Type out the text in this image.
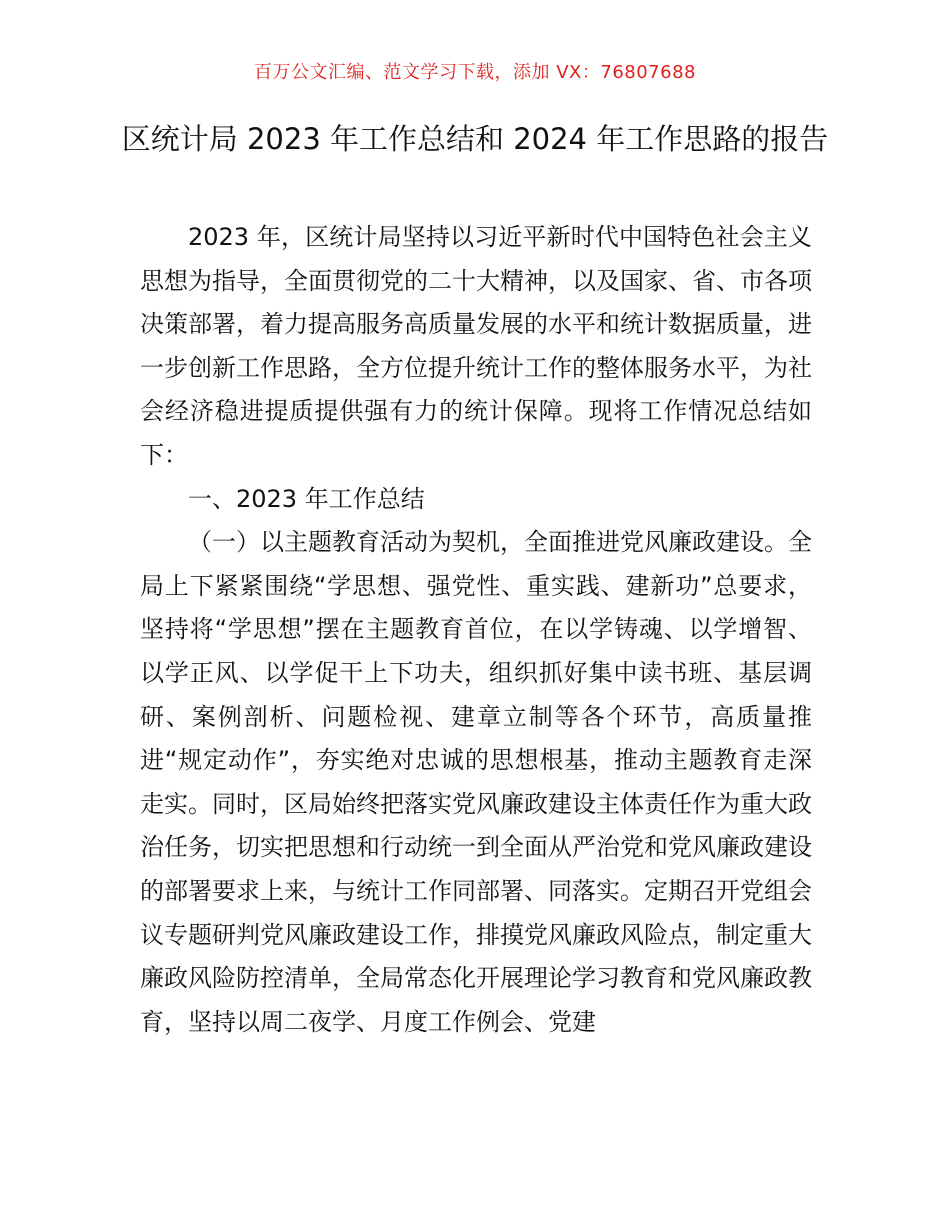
百万公文汇编、范文学习下载，添加 VX：76807688
区统计局 2023 年工作总结和 2024 年工作思路的报告

2023 年，区统计局坚持以习近平新时代中国特色社会主义思想为指导，全面贯彻党的二十大精神，以及国家、省、市各项决策部署，着力提高服务高质量发展的水平和统计数据质量，进一步创新工作思路，全方位提升统计工作的整体服务水平，为社会经济稳进提质提供强有力的统计保障。现将工作情况总结如下：

一、2023 年工作总结

（一）以主题教育活动为契机，全面推进党风廉政建设。全局上下紧紧围绕“学思想、强党性、重实践、建新功”总要求，坚持将“学思想”摆在主题教育首位，在以学铸魂、以学增智、以学正风、以学促干上下功夫，组织抓好集中读书班、基层调研、案例剖析、问题检视、建章立制等各个环节，高质量推进“规定动作”，夯实绝对忠诚的思想根基，推动主题教育走深走实。同时，区局始终把落实党风廉政建设主体责任作为重大政治任务，切实把思想和行动统一到全面从严治党和党风廉政建设的部署要求上来，与统计工作同部署、同落实。定期召开党组会议专题研判党风廉政建设工作，排摸党风廉政风险点，制定重大廉政风险防控清单，全局常态化开展理论学习教育和党风廉政教育，坚持以周二夜学、月度工作例会、党建
